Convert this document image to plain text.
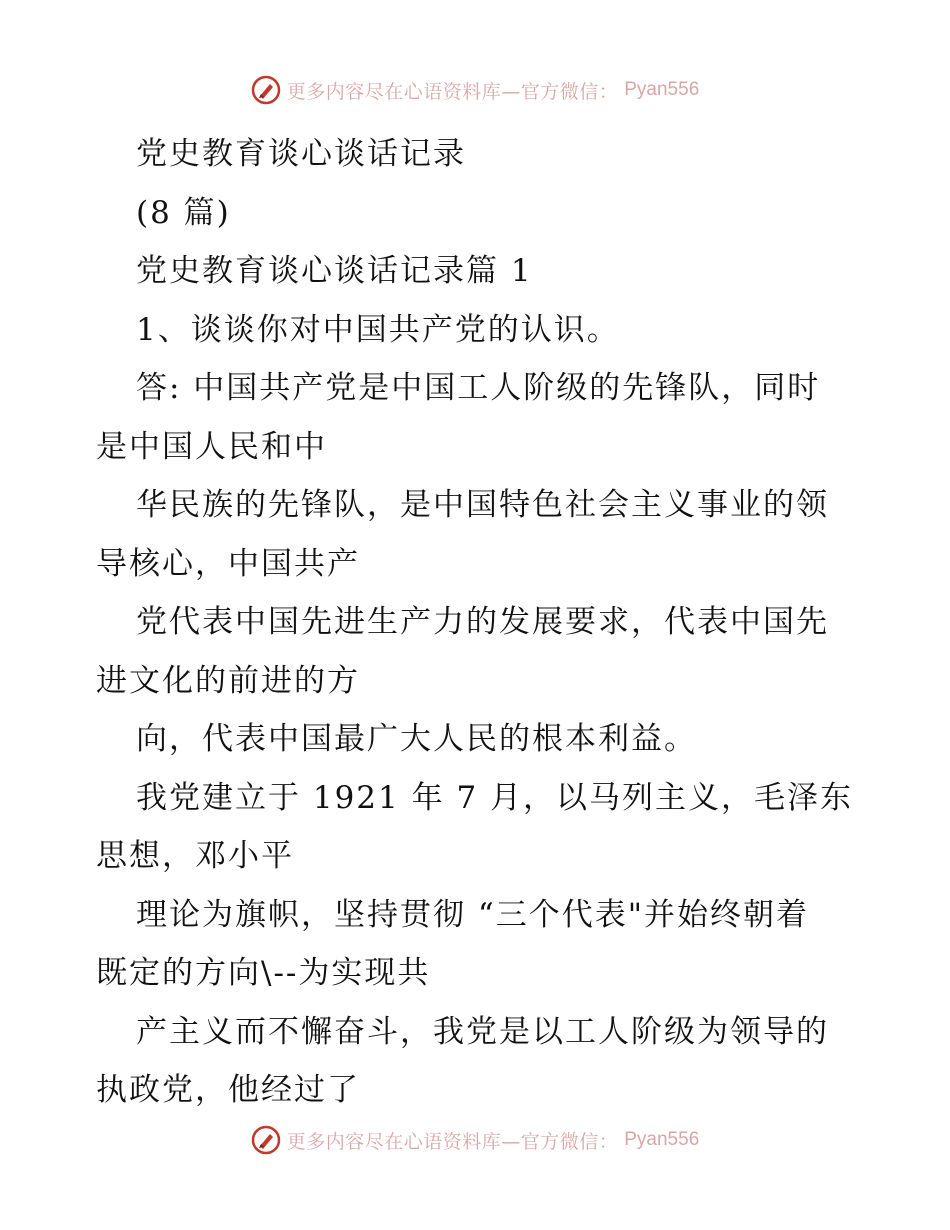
更多内容尽在心语资料库—官方微信： Pyan556
党史教育谈心谈话记录
(8 篇)
党史教育谈心谈话记录篇 1
1、谈谈你对中国共产党的认识。
答: 中国共产党是中国工人阶级的先锋队，同时
是中国人民和中
华民族的先锋队，是中国特色社会主义事业的领
导核心，中国共产
党代表中国先进生产力的发展要求，代表中国先
进文化的前进的方
向，代表中国最广大人民的根本利益。
我党建立于 1921 年 7 月，以马列主义，毛泽东
思想，邓小平
理论为旗帜，坚持贯彻 “三个代表"并始终朝着
既定的方向\--为实现共
产主义而不懈奋斗，我党是以工人阶级为领导的
执政党，他经过了
更多内容尽在心语资料库—官方微信： Pyan556
